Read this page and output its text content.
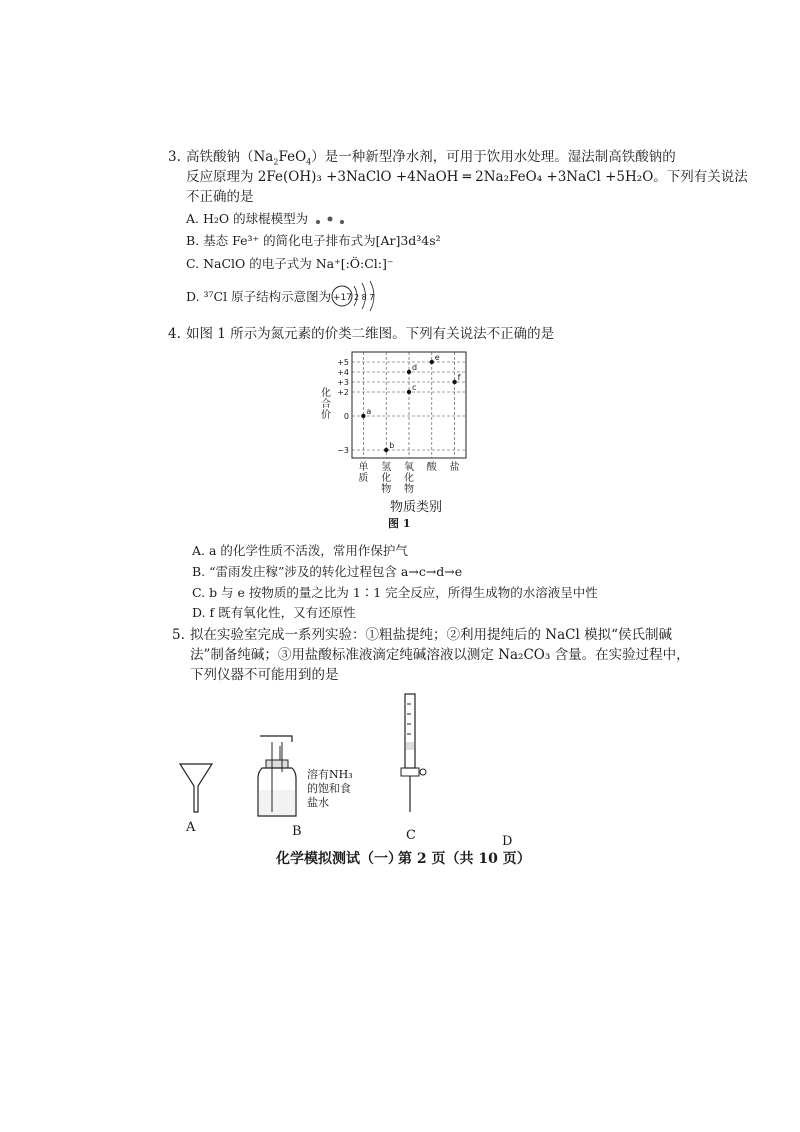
3. 高铁酸钠$(Na_2FeO_4)$是一种新型净水剂，可用于饮用水处理。湿法制高铁酸钠的
反应原理为 2Fe(OH)₃ +3NaClO +4NaOH ═ 2Na₂FeO₄ +3NaCl +5H₂O。下列有关说法
不正确的是
A. H₂O 的球棍模型为
B. 基态 Fe³⁺ 的简化电子排布式为[Ar]3d³4s²
C. NaClO 的电子式为 Na⁺[:Ö:Cl:]⁻
D. ³⁷Cl 原子结构示意图为 +17 2 8 7
4. 如图 1 所示为氮元素的价类二维图。下列有关说法不正确的是
+5
+4
+3
+2
0
−3
单
质
氢
化
物
氧
化
物
酸 盐
化
合
价	a
b
c
d
e
f
物质类别
图 1
A. a 的化学性质不活泼，常用作保护气
B. “雷雨发庄稼”涉及的转化过程包含 a→c→d→e
C. b 与 e 按物质的量之比为 1∶1 完全反应，所得生成物的水溶液呈中性
D. f 既有氧化性，又有还原性
5. 拟在实验室完成一系列实验：①粗盐提纯；②利用提纯后的 NaCl 模拟“侯氏制碱
法”制备纯碱；③用盐酸标准液滴定纯碱溶液以测定 Na₂CO₃ 含量。在实验过程中，
下列仪器不可能用到的是
A
溶有NH₃
的饱和食
盐水
B	C	D
化学模拟测试（一）
第 2 页（共 10 页）
